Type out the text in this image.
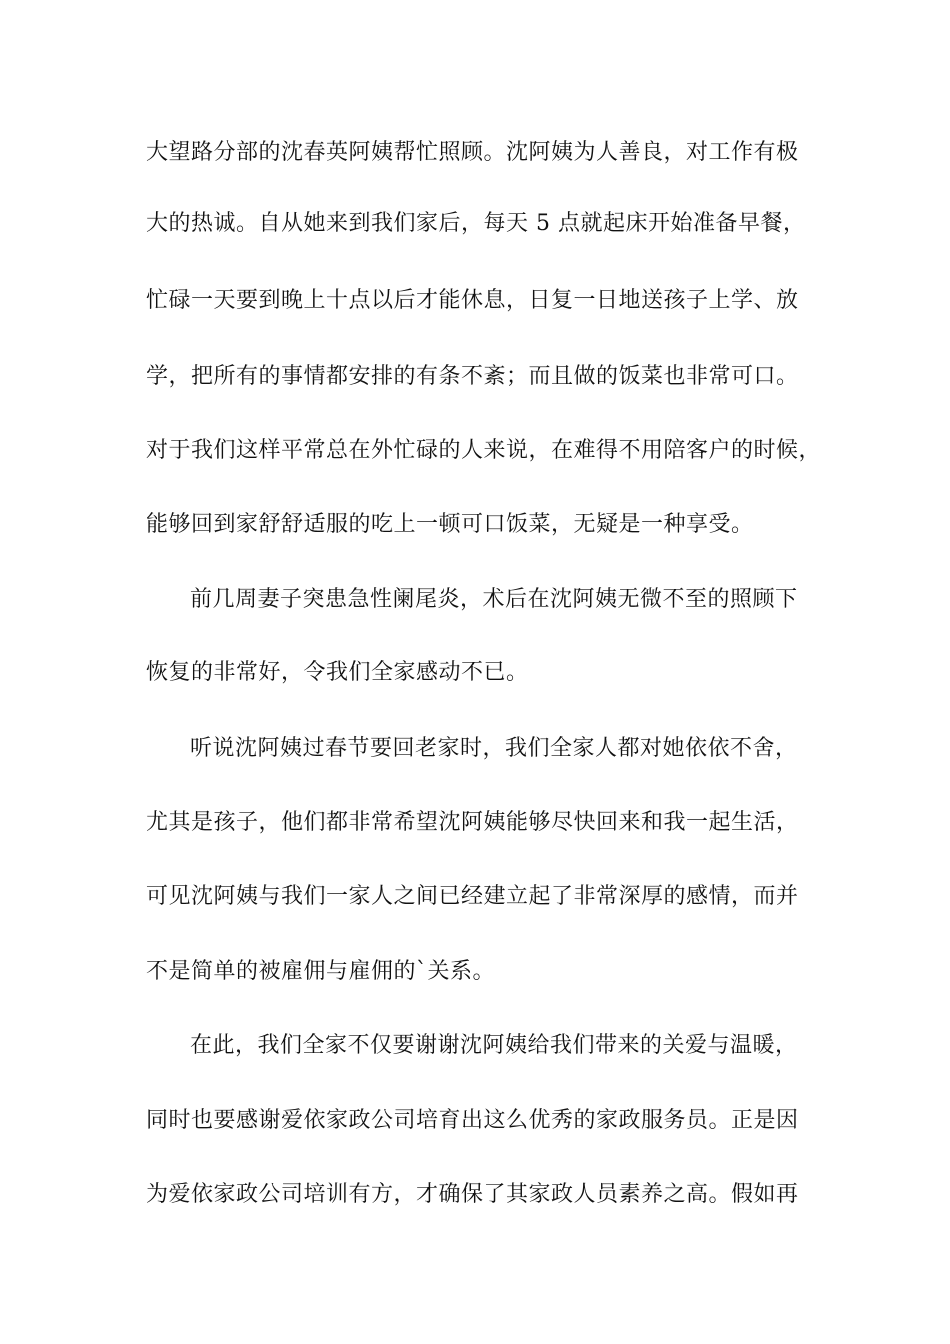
大望路分部的沈春英阿姨帮忙照顾。沈阿姨为人善良，对工作有极

大的热诚。自从她来到我们家后，每天 5 点就起床开始准备早餐，

忙碌一天要到晚上十点以后才能休息，日复一日地送孩子上学、放

学，把所有的事情都安排的有条不紊；而且做的饭菜也非常可口。

对于我们这样平常总在外忙碌的人来说，在难得不用陪客户的时候，

能够回到家舒舒适服的吃上一顿可口饭菜，无疑是一种享受。

前几周妻子突患急性阑尾炎，术后在沈阿姨无微不至的照顾下

恢复的非常好，令我们全家感动不已。

听说沈阿姨过春节要回老家时，我们全家人都对她依依不舍，

尤其是孩子，他们都非常希望沈阿姨能够尽快回来和我一起生活，

可见沈阿姨与我们一家人之间已经建立起了非常深厚的感情，而并

不是简单的被雇佣与雇佣的`关系。

在此，我们全家不仅要谢谢沈阿姨给我们带来的关爱与温暖，

同时也要感谢爱依家政公司培育出这么优秀的家政服务员。正是因

为爱依家政公司培训有方，才确保了其家政人员素养之高。假如再
